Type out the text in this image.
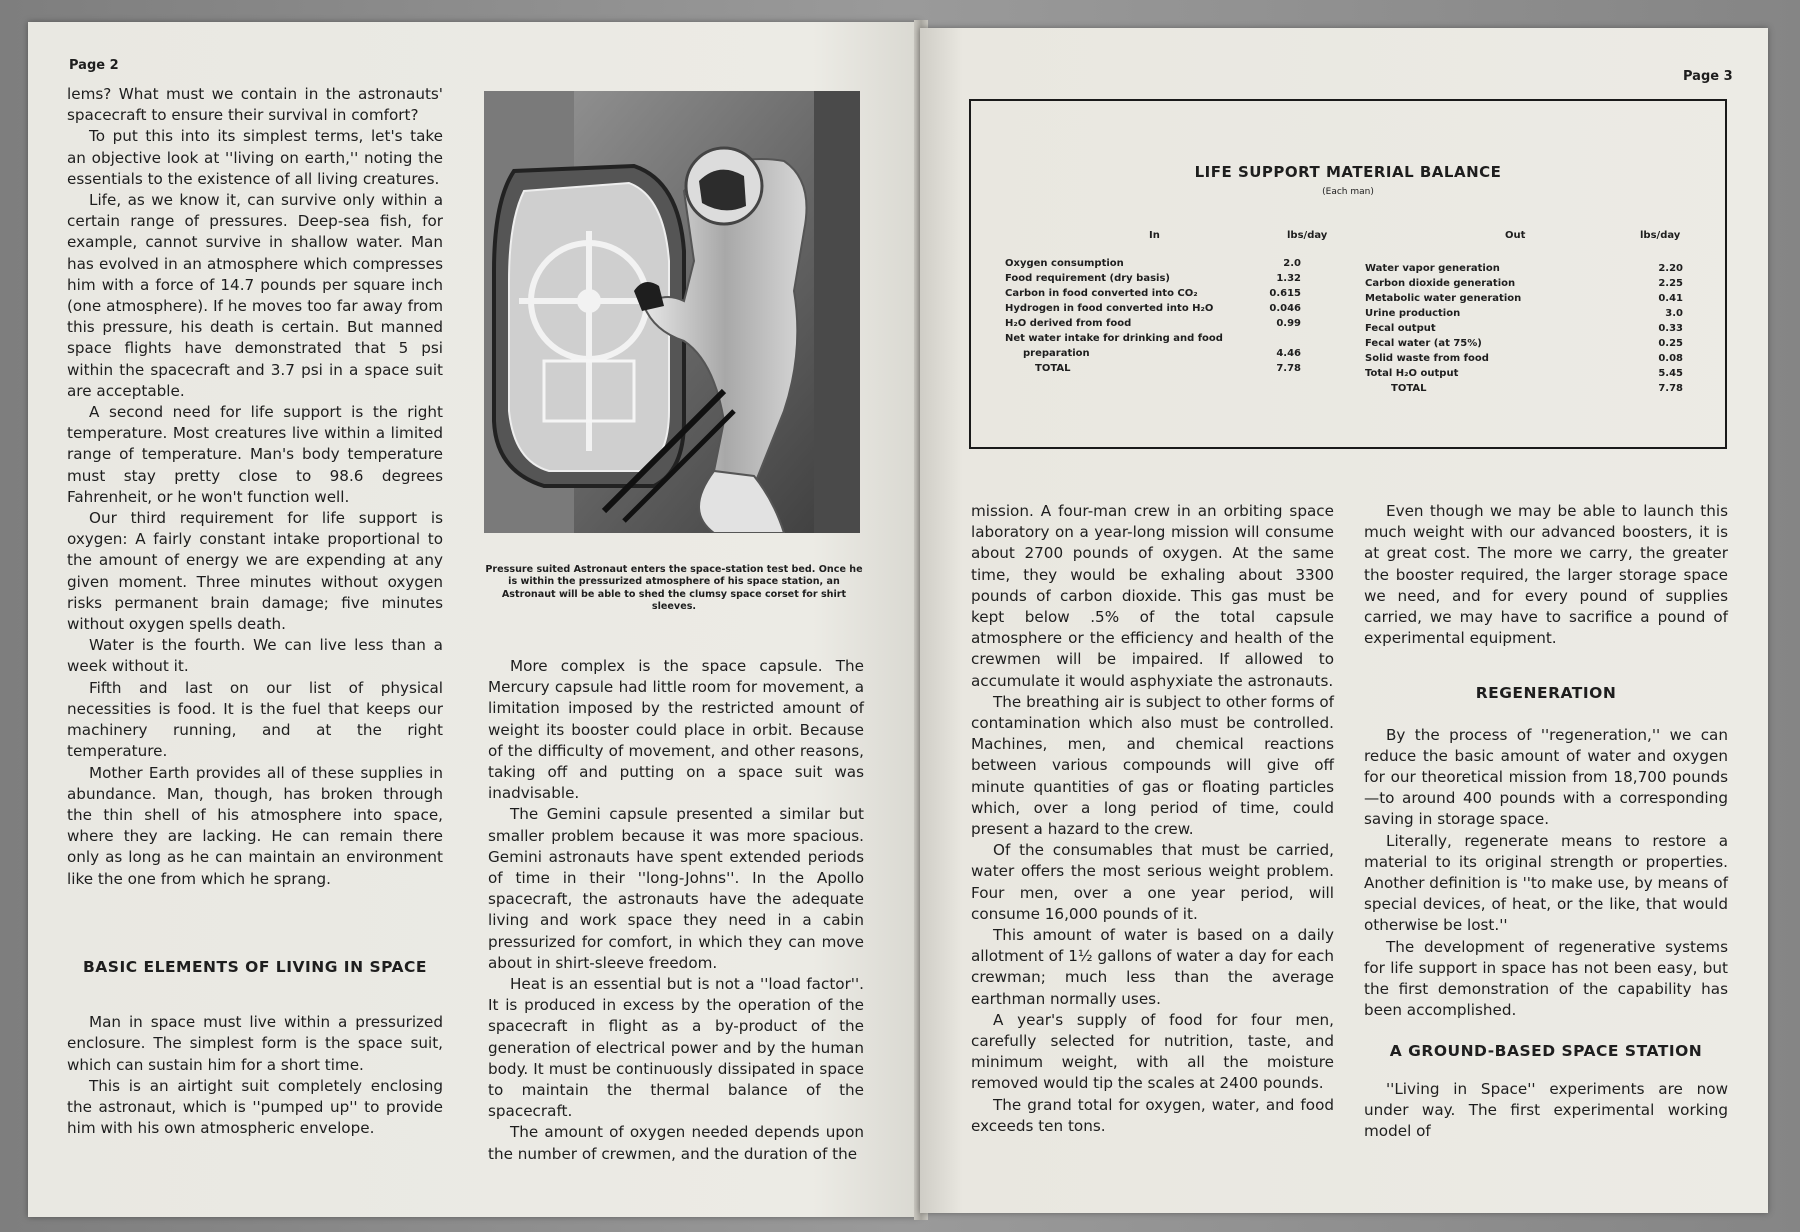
Page 2

lems? What must we contain in the astronauts' spacecraft to ensure their survival in comfort?

To put this into its simplest terms, let's take an objective look at ''living on earth,'' noting the essentials to the existence of all living creatures.

Life, as we know it, can survive only within a certain range of pressures. Deep-sea fish, for example, cannot survive in shallow water. Man has evolved in an atmosphere which compresses him with a force of 14.7 pounds per square inch (one atmosphere). If he moves too far away from this pressure, his death is certain. But manned space flights have demonstrated that 5 psi within the spacecraft and 3.7 psi in a space suit are acceptable.

A second need for life support is the right temperature. Most creatures live within a limited range of temperature. Man's body temperature must stay pretty close to 98.6 degrees Fahrenheit, or he won't function well.

Our third requirement for life support is oxygen: A fairly constant intake proportional to the amount of energy we are expending at any given moment. Three minutes without oxygen risks permanent brain damage; five minutes without oxygen spells death.

Water is the fourth. We can live less than a week without it.

Fifth and last on our list of physical necessities is food. It is the fuel that keeps our machinery running, and at the right temperature.

Mother Earth provides all of these supplies in abundance. Man, though, has broken through the thin shell of his atmosphere into space, where they are lacking. He can remain there only as long as he can maintain an environment like the one from which he sprang.

BASIC ELEMENTS OF LIVING IN SPACE

Man in space must live within a pressurized enclosure. The simplest form is the space suit, which can sustain him for a short time.

This is an airtight suit completely enclosing the astronaut, which is ''pumped up'' to provide him with his own atmospheric envelope.

Pressure suited Astronaut enters the space-station test bed. Once he is within the pressurized atmosphere of his space station, an Astronaut will be able to shed the clumsy space corset for shirt sleeves.

More complex is the space capsule. The Mercury capsule had little room for movement, a limitation imposed by the restricted amount of weight its booster could place in orbit. Because of the difficulty of movement, and other reasons, taking off and putting on a space suit was inadvisable.

The Gemini capsule presented a similar but smaller problem because it was more spacious. Gemini astronauts have spent extended periods of time in their ''long-Johns''. In the Apollo spacecraft, the astronauts have the adequate living and work space they need in a cabin pressurized for comfort, in which they can move about in shirt-sleeve freedom.

Heat is an essential but is not a ''load factor''. It is produced in excess by the operation of the spacecraft in flight as a by-product of the generation of electrical power and by the human body. It must be continuously dissipated in space to maintain the thermal balance of the spacecraft.

The amount of oxygen needed depends upon the number of crewmen, and the duration of the

Page 3
LIFE SUPPORT MATERIAL BALANCE
(Each man)
In	lbs/day	Out	lbs/day
Oxygen consumption	2.0
Food requirement (dry basis)	1.32
Carbon in food converted into CO₂	0.615
Hydrogen in food converted into H₂O	0.046
H₂O derived from food	0.99
Net water intake for drinking and food
preparation	4.46
TOTAL	7.78
Water vapor generation	2.20
Carbon dioxide generation	2.25
Metabolic water generation	0.41
Urine production	3.0
Fecal output	0.33
Fecal water (at 75%)	0.25
Solid waste from food	0.08
Total H₂O output	5.45
TOTAL	7.78

mission. A four-man crew in an orbiting space laboratory on a year-long mission will consume about 2700 pounds of oxygen. At the same time, they would be exhaling about 3300 pounds of carbon dioxide. This gas must be kept below .5% of the total capsule atmosphere or the efficiency and health of the crewmen will be impaired. If allowed to accumulate it would asphyxiate the astronauts.

The breathing air is subject to other forms of contamination which also must be controlled. Machines, men, and chemical reactions between various compounds will give off minute quantities of gas or floating particles which, over a long period of time, could present a hazard to the crew.

Of the consumables that must be carried, water offers the most serious weight problem. Four men, over a one year period, will consume 16,000 pounds of it.

This amount of water is based on a daily allotment of 1½ gallons of water a day for each crewman; much less than the average earthman normally uses.

A year's supply of food for four men, carefully selected for nutrition, taste, and minimum weight, with all the moisture removed would tip the scales at 2400 pounds.

The grand total for oxygen, water, and food exceeds ten tons.

Even though we may be able to launch this much weight with our advanced boosters, it is at great cost. The more we carry, the greater the booster required, the larger storage space we need, and for every pound of supplies carried, we may have to sacrifice a pound of experimental equipment.

REGENERATION

By the process of ''regeneration,'' we can reduce the basic amount of water and oxygen for our theoretical mission from 18,700 pounds—to around 400 pounds with a corresponding saving in storage space.

Literally, regenerate means to restore a material to its original strength or properties. Another definition is ''to make use, by means of special devices, of heat, or the like, that would otherwise be lost.''

The development of regenerative systems for life support in space has not been easy, but the first demonstration of the capability has been accomplished.

A GROUND-BASED SPACE STATION

''Living in Space'' experiments are now under way. The first experimental working model of
